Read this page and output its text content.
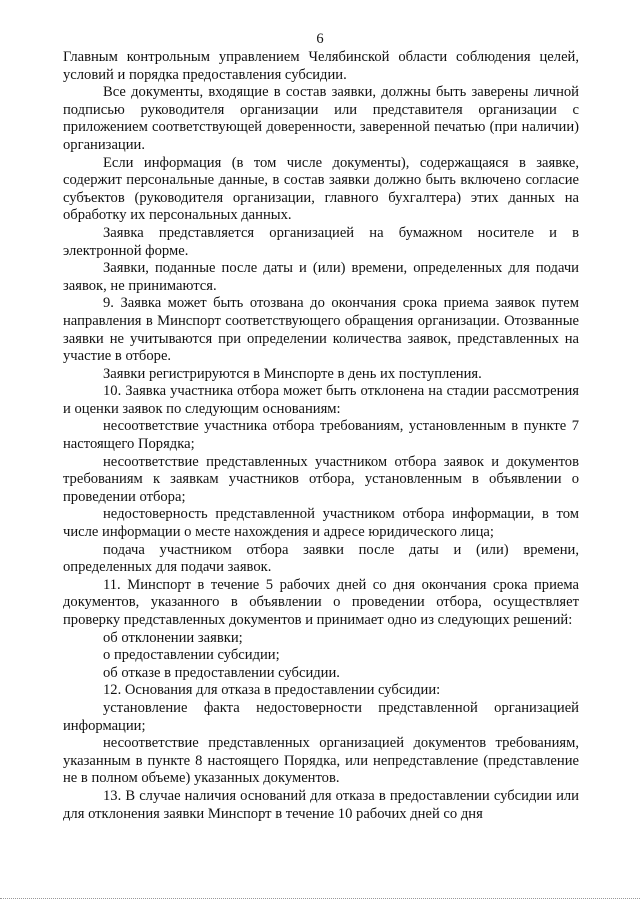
6

Главным контрольным управлением Челябинской области соблюдения целей, условий и порядка предоставления субсидии.

Все документы, входящие в состав заявки, должны быть заверены личной подписью руководителя организации или представителя организации с приложением соответствующей доверенности, заверенной печатью (при наличии) организации.

Если информация (в том числе документы), содержащаяся в заявке, содержит персональные данные, в состав заявки должно быть включено согласие субъектов (руководителя организации, главного бухгалтера) этих данных на обработку их персональных данных.

Заявка представляется организацией на бумажном носителе и в электронной форме.

Заявки, поданные после даты и (или) времени, определенных для подачи заявок, не принимаются.

9. Заявка может быть отозвана до окончания срока приема заявок путем направления в Минспорт соответствующего обращения организации. Отозванные заявки не учитываются при определении количества заявок, представленных на участие в отборе.

Заявки регистрируются в Минспорте в день их поступления.

10. Заявка участника отбора может быть отклонена на стадии рассмотрения и оценки заявок по следующим основаниям:

несоответствие участника отбора требованиям, установленным в пункте 7 настоящего Порядка;

несоответствие представленных участником отбора заявок и документов требованиям к заявкам участников отбора, установленным в объявлении о проведении отбора;

недостоверность представленной участником отбора информации, в том числе информации о месте нахождения и адресе юридического лица;

подача участником отбора заявки после даты и (или) времени, определенных для подачи заявок.

11. Минспорт в течение 5 рабочих дней со дня окончания срока приема документов, указанного в объявлении о проведении отбора, осуществляет проверку представленных документов и принимает одно из следующих решений:

об отклонении заявки;

о предоставлении субсидии;

об отказе в предоставлении субсидии.

12. Основания для отказа в предоставлении субсидии:

установление факта недостоверности представленной организацией информации;

несоответствие представленных организацией документов требованиям, указанным в пункте 8 настоящего Порядка, или непредставление (представление не в полном объеме) указанных документов.

13. В случае наличия оснований для отказа в предоставлении субсидии или для отклонения заявки Минспорт в течение 10 рабочих дней со дня
